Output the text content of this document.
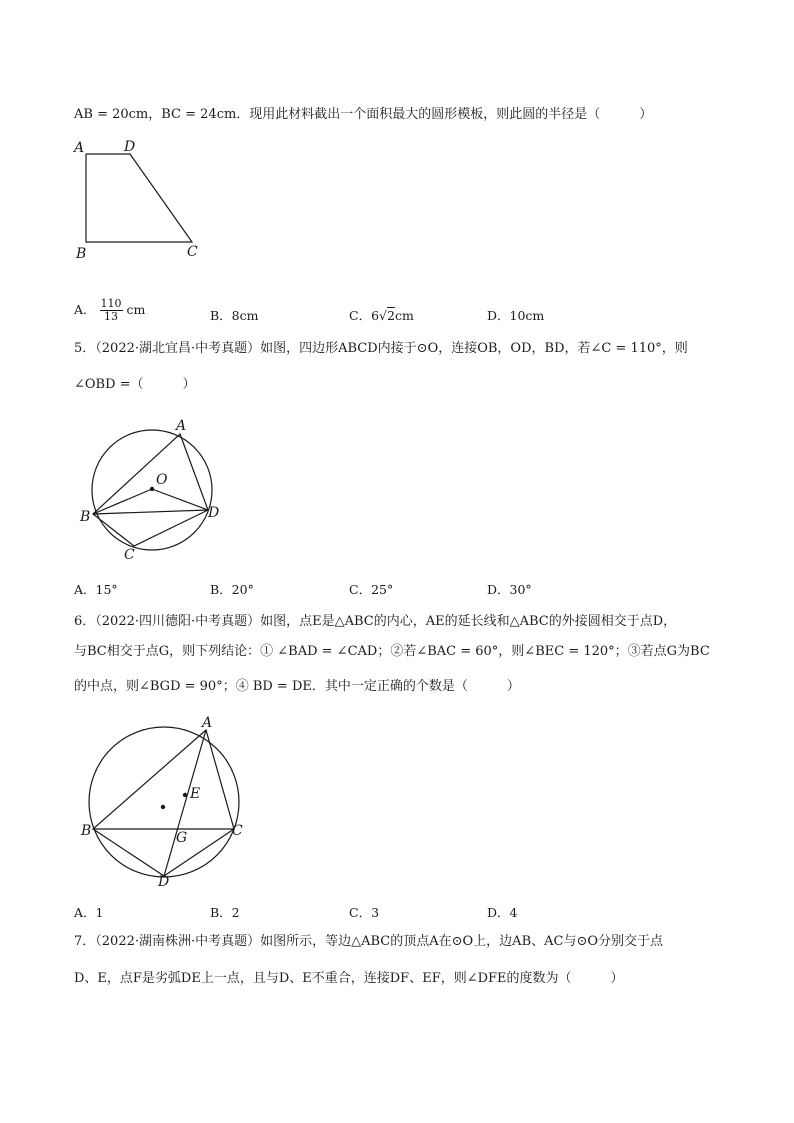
AB = 20cm，BC = 24cm．现用此材料截出一个面积最大的圆形模板，则此圆的半径是（　　　）
A	D
B	C
A． $\frac{110}{13}$ cm	B．8cm	C．6√2cm	D．10cm
5．（2022·湖北宜昌·中考真题）如图，四边形ABCD内接于⊙O，连接OB，OD，BD，若∠C = 110°，则
∠OBD =（　　　）
A
O
B	D
C
A．15°	B．20°	C．25°	D．30°
6．（2022·四川德阳·中考真题）如图，点E是△ABC的内心，AE的延长线和△ABC的外接圆相交于点D，
与BC相交于点G，则下列结论：① ∠BAD = ∠CAD；②若∠BAC = 60°，则∠BEC = 120°；③若点G为BC
的中点，则∠BGD = 90°；④ BD = DE．其中一定正确的个数是（　　　）
A
E
B	G	C
D
A．1	B．2	C．3	D．4
7．（2022·湖南株洲·中考真题）如图所示，等边△ABC的顶点A在⊙O上，边AB、AC与⊙O分别交于点
D、E，点F是劣弧DE上一点，且与D、E不重合，连接DF、EF，则∠DFE的度数为（　　　）
